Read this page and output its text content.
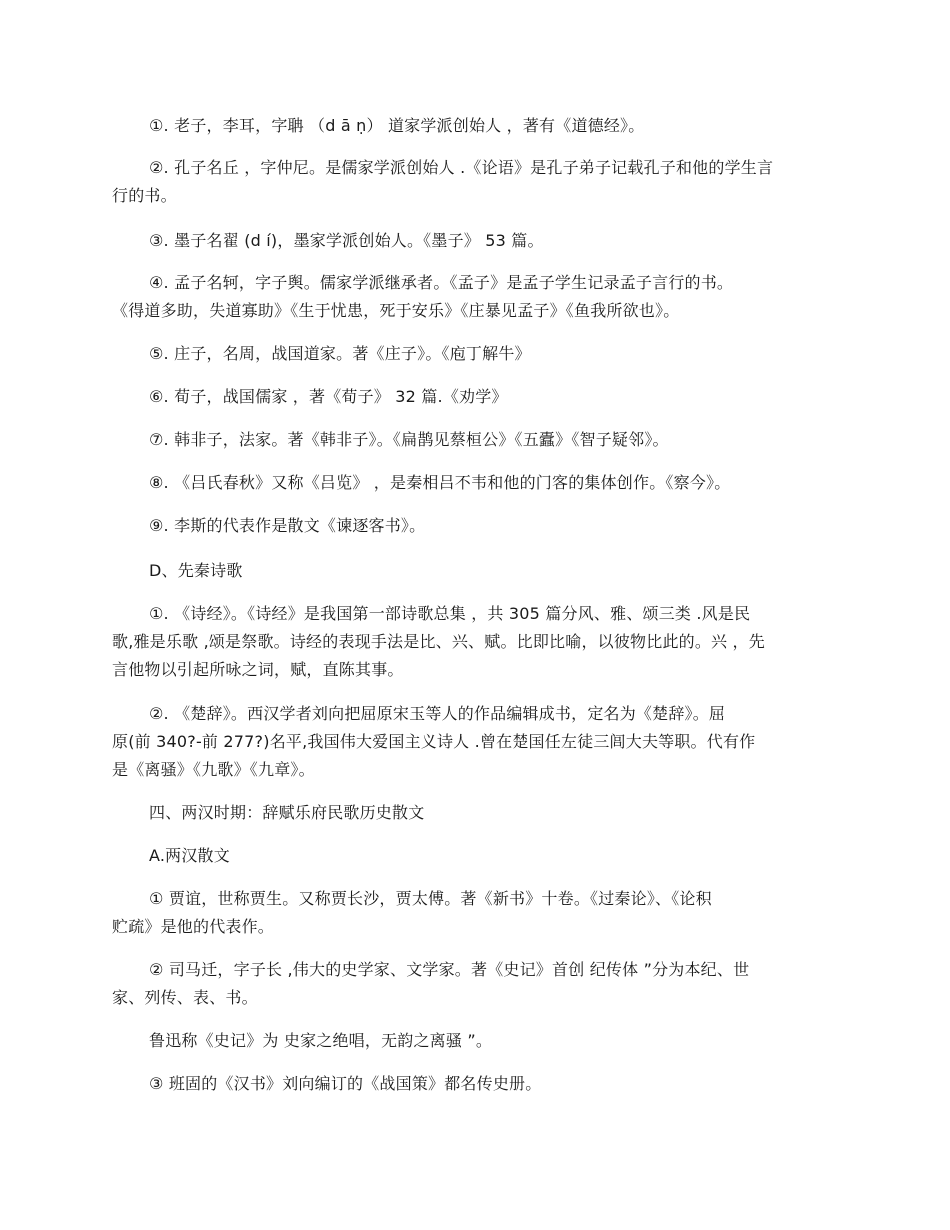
①. 老子，李耳，字聃 （d ā ṇ） 道家学派创始人 ，著有《道德经》。
②. 孔子名丘 ，字仲尼。是儒家学派创始人 .《论语》是孔子弟子记载孔子和他的学生言
行的书。
③. 墨子名翟 (d í)，墨家学派创始人。《墨子》 53 篇。
④. 孟子名轲，字子舆。儒家学派继承者。《孟子》是孟子学生记录孟子言行的书。
《得道多助，失道寡助》《生于忧患，死于安乐》《庄暴见孟子》《鱼我所欲也》。
⑤. 庄子，名周，战国道家。著《庄子》。《庖丁解牛》
⑥. 荀子，战国儒家 ，著《荀子》 32 篇.《劝学》
⑦. 韩非子，法家。著《韩非子》。《扁鹊见蔡桓公》《五蠹》《智子疑邻》。
⑧. 《吕氏春秋》又称《吕览》 ，是秦相吕不韦和他的门客的集体创作。《察今》。
⑨. 李斯的代表作是散文《谏逐客书》。
D、先秦诗歌
①. 《诗经》。《诗经》是我国第一部诗歌总集 ，共 305 篇分风、雅、颂三类 .风是民
歌,雅是乐歌 ,颂是祭歌。诗经的表现手法是比、兴、赋。比即比喻，以彼物比此的。兴 ，先
言他物以引起所咏之词，赋，直陈其事。
②. 《楚辞》。西汉学者刘向把屈原宋玉等人的作品编辑成书，定名为《楚辞》。屈
原(前 340?-前 277?)名平,我国伟大爱国主义诗人 .曾在楚国任左徒三闾大夫等职。代有作
是《离骚》《九歌》《九章》。
四、两汉时期：辞赋乐府民歌历史散文
A.两汉散文
① 贾谊，世称贾生。又称贾长沙，贾太傅。著《新书》十卷。《过秦论》、《论积
贮疏》是他的代表作。
② 司马迁，字子长 ,伟大的史学家、文学家。著《史记》首创 纪传体 ”分为本纪、世
家、列传、表、书。
鲁迅称《史记》为 史家之绝唱，无韵之离骚 ”。
③ 班固的《汉书》刘向编订的《战国策》都名传史册。
